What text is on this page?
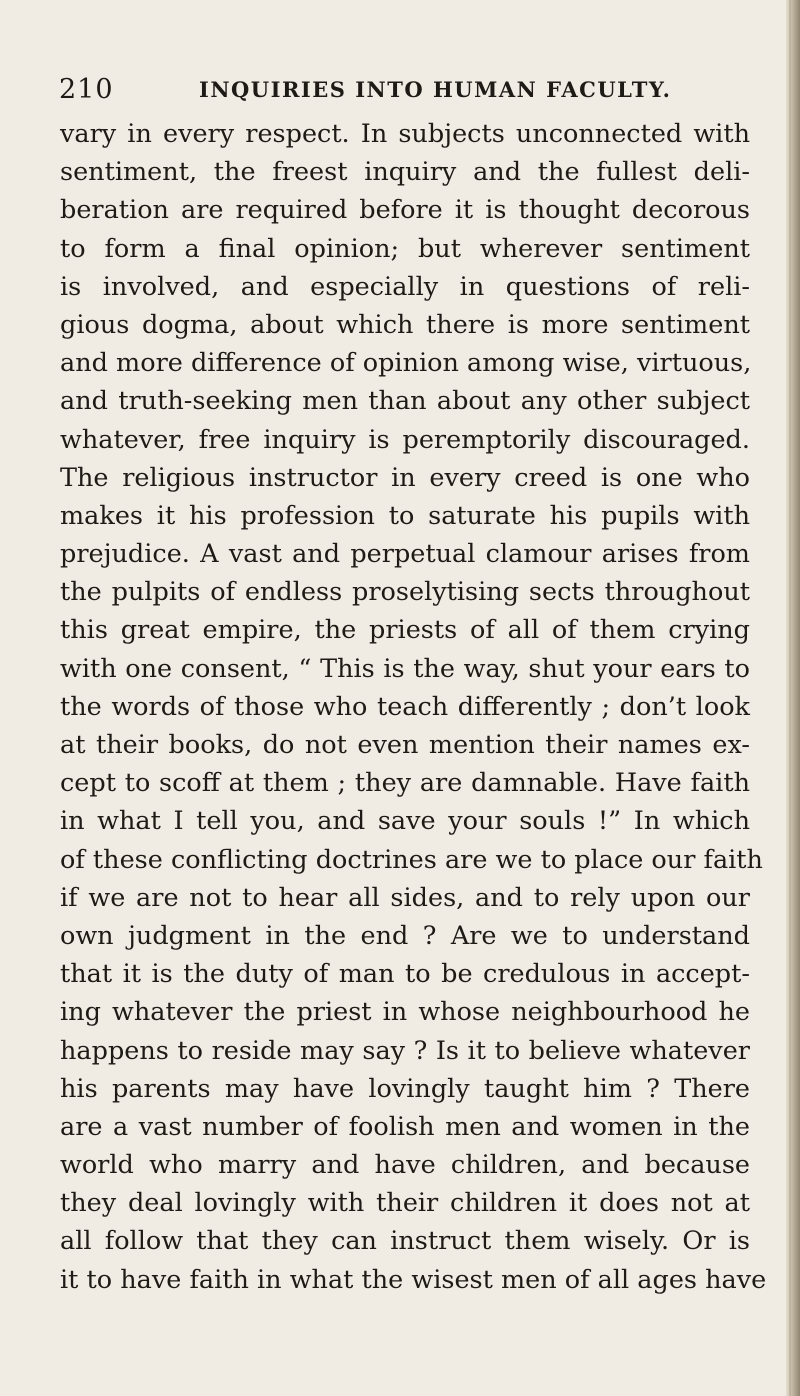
210	INQUIRIES INTO HUMAN FACULTY.
vary in every respect. In subjects unconnected with
sentiment, the freest inquiry and the fullest deli-
beration are required before it is thought decorous
to form a final opinion; but wherever sentiment
is involved, and especially in questions of reli-
gious dogma, about which there is more sentiment
and more difference of opinion among wise, virtuous,
and truth-seeking men than about any other subject
whatever, free inquiry is peremptorily discouraged.
The religious instructor in every creed is one who
makes it his profession to saturate his pupils with
prejudice. A vast and perpetual clamour arises from
the pulpits of endless proselytising sects throughout
this great empire, the priests of all of them crying
with one consent, “ This is the way, shut your ears to
the words of those who teach differently ; don’t look
at their books, do not even mention their names ex-
cept to scoff at them ; they are damnable. Have faith
in what I tell you, and save your souls !” In which
of these conflicting doctrines are we to place our faith
if we are not to hear all sides, and to rely upon our
own judgment in the end ? Are we to understand
that it is the duty of man to be credulous in accept-
ing whatever the priest in whose neighbourhood he
happens to reside may say ? Is it to believe whatever
his parents may have lovingly taught him ? There
are a vast number of foolish men and women in the
world who marry and have children, and because
they deal lovingly with their children it does not at
all follow that they can instruct them wisely. Or is
it to have faith in what the wisest men of all ages have
